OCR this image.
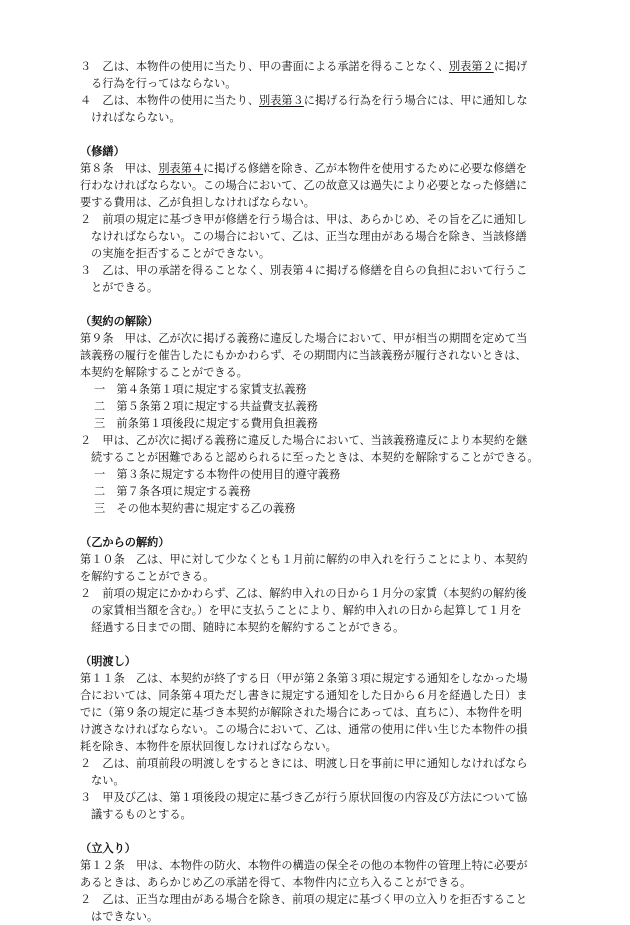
３　乙は、本物件の使用に当たり、甲の書面による承諾を得ることなく、別表第２に掲げ
る行為を行ってはならない。
４　乙は、本物件の使用に当たり、別表第３に掲げる行為を行う場合には、甲に通知しな
ければならない。
（修繕）
第８条　甲は、別表第４に掲げる修繕を除き、乙が本物件を使用するために必要な修繕を
行わなければならない。この場合において、乙の故意又は過失により必要となった修繕に
要する費用は、乙が負担しなければならない。
２　前項の規定に基づき甲が修繕を行う場合は、甲は、あらかじめ、その旨を乙に通知し
なければならない。この場合において、乙は、正当な理由がある場合を除き、当該修繕
の実施を拒否することができない。
３　乙は、甲の承諾を得ることなく、別表第４に掲げる修繕を自らの負担において行うこ
とができる。
（契約の解除）
第９条　甲は、乙が次に掲げる義務に違反した場合において、甲が相当の期間を定めて当
該義務の履行を催告したにもかかわらず、その期間内に当該義務が履行されないときは、
本契約を解除することができる。
一　第４条第１項に規定する家賃支払義務
二　第５条第２項に規定する共益費支払義務
三　前条第１項後段に規定する費用負担義務
２　甲は、乙が次に掲げる義務に違反した場合において、当該義務違反により本契約を継
続することが困難であると認められるに至ったときは、本契約を解除することができる。
一　第３条に規定する本物件の使用目的遵守義務
二　第７条各項に規定する義務
三　その他本契約書に規定する乙の義務
（乙からの解約）
第１０条　乙は、甲に対して少なくとも１月前に解約の申入れを行うことにより、本契約
を解約することができる。
２　前項の規定にかかわらず、乙は、解約申入れの日から１月分の家賃（本契約の解約後
の家賃相当額を含む。）を甲に支払うことにより、解約申入れの日から起算して１月を
経過する日までの間、随時に本契約を解約することができる。
（明渡し）
第１１条　乙は、本契約が終了する日（甲が第２条第３項に規定する通知をしなかった場
合においては、同条第４項ただし書きに規定する通知をした日から６月を経過した日）ま
でに（第９条の規定に基づき本契約が解除された場合にあっては、直ちに）、本物件を明
け渡さなければならない。この場合において、乙は、通常の使用に伴い生じた本物件の損
耗を除き、本物件を原状回復しなければならない。
２　乙は、前項前段の明渡しをするときには、明渡し日を事前に甲に通知しなければなら
ない。
３　甲及び乙は、第１項後段の規定に基づき乙が行う原状回復の内容及び方法について協
議するものとする。
（立入り）
第１２条　甲は、本物件の防火、本物件の構造の保全その他の本物件の管理上特に必要が
あるときは、あらかじめ乙の承諾を得て、本物件内に立ち入ることができる。
２　乙は、正当な理由がある場合を除き、前項の規定に基づく甲の立入りを拒否すること
はできない。
